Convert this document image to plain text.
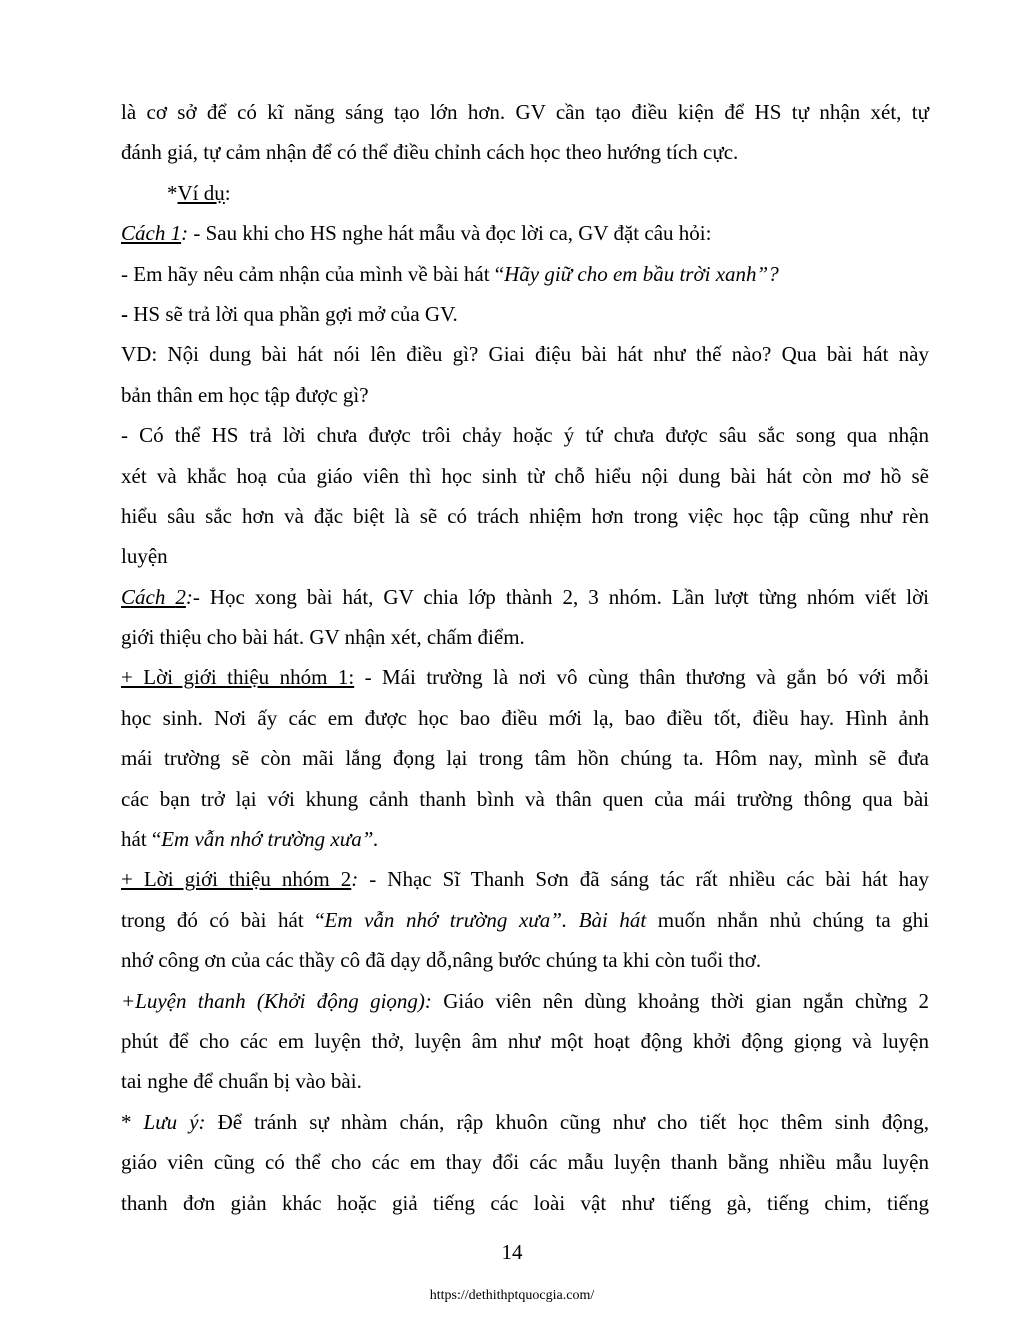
là cơ sở để có kĩ năng sáng tạo lớn hơn. GV cần tạo điều kiện để HS tự nhận xét, tự
đánh giá, tự cảm nhận để có thể điều chỉnh cách học theo hướng tích cực.
*Ví dụ:
Cách 1: - Sau khi cho HS nghe hát mẫu và đọc lời ca, GV đặt câu hỏi:
- Em hãy nêu cảm nhận của mình về bài hát “Hãy giữ cho em bầu trời xanh”?
- HS sẽ trả lời qua phần gợi mở của GV.
VD: Nội dung bài hát nói lên điều gì? Giai điệu bài hát như thế nào? Qua bài hát này
bản thân em học tập được gì?
- Có thể HS trả lời chưa được trôi chảy hoặc ý tứ chưa được sâu sắc song qua nhận
xét và khắc hoạ của giáo viên thì học sinh từ chỗ hiểu nội dung bài hát còn mơ hồ sẽ
hiểu sâu sắc hơn và đặc biệt là sẽ có trách nhiệm hơn trong việc học tập cũng như rèn
luyện
Cách 2:- Học xong bài hát, GV chia lớp thành 2, 3 nhóm. Lần lượt từng nhóm viết lời
giới thiệu cho bài hát. GV nhận xét, chấm điểm.
+ Lời giới thiệu nhóm 1: - Mái trường là nơi vô cùng thân thương và gắn bó với mỗi
học sinh. Nơi ấy các em được học bao điều mới lạ, bao điều tốt, điều hay. Hình ảnh
mái trường sẽ còn mãi lắng đọng lại trong tâm hồn chúng ta. Hôm nay, mình sẽ đưa
các bạn trở lại với khung cảnh thanh bình và thân quen của mái trường thông qua bài
hát “Em vẫn nhớ trường xưa”.
+ Lời giới thiệu nhóm 2: - Nhạc Sĩ Thanh Sơn đã sáng tác rất nhiều các bài hát hay
trong đó có bài hát “Em vẫn nhớ trường xưa”. Bài hát muốn nhắn nhủ chúng ta ghi
nhớ công ơn của các thầy cô đã dạy dỗ,nâng bước chúng ta khi còn tuổi thơ.
+Luyện thanh (Khởi động giọng): Giáo viên nên dùng khoảng thời gian ngắn chừng 2
phút để cho các em luyện thở, luyện âm như một hoạt động khởi động giọng và luyện
tai nghe để chuẩn bị vào bài.
* Lưu ý: Để tránh sự nhàm chán, rập khuôn cũng như cho tiết học thêm sinh động,
giáo viên cũng có thể cho các em thay đổi các mẫu luyện thanh bằng nhiều mẫu luyện
thanh đơn giản khác hoặc giả tiếng các loài vật như tiếng gà, tiếng chim, tiếng
14
https://dethithptquocgia.com/
